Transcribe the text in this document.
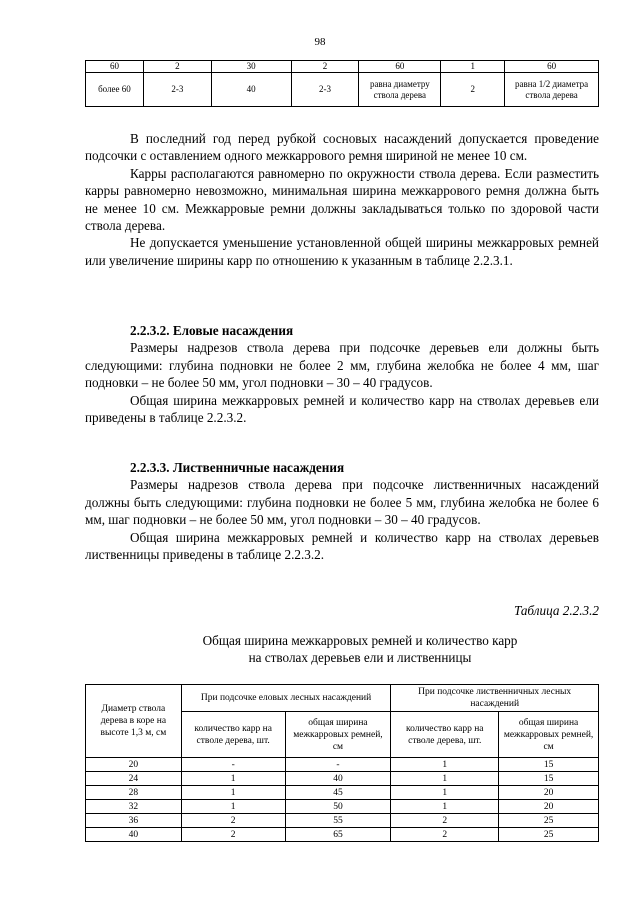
98
60	2	30	2	60	1	60
более 60	2-3	40	2-3	равна диаметру ствола дерева	2	равна 1/2 диаметра ствола дерева

В последний год перед рубкой сосновых насаждений допускается проведение подсочки с оставлением одного межкаррового ремня шириной не менее 10 см.

Карры располагаются равномерно по окружности ствола дерева. Если разместить карры равномерно невозможно, минимальная ширина межкаррового ремня должна быть не менее 10 см. Межкарровые ремни должны закладываться только по здоровой части ствола дерева.

Не допускается уменьшение установленной общей ширины межкарровых ремней или увеличение ширины карр по отношению к указанным в таблице 2.2.3.1.

2.2.3.2. Еловые насаждения

Размеры надрезов ствола дерева при подсочке деревьев ели должны быть следующими: глубина подновки не более 2 мм, глубина желобка не более 4 мм, шаг подновки – не более 50 мм, угол подновки – 30 – 40 градусов.

Общая ширина межкарровых ремней и количество карр на стволах деревьев ели приведены в таблице 2.2.3.2.

2.2.3.3. Лиственничные насаждения

Размеры надрезов ствола дерева при подсочке лиственничных насаждений должны быть следующими: глубина подновки не более 5 мм, глубина желобка не более 6 мм, шаг подновки – не более 50 мм, угол подновки – 30 – 40 градусов.

Общая ширина межкарровых ремней и количество карр на стволах деревьев лиственницы приведены в таблице 2.2.3.2.

Таблица 2.2.3.2
Общая ширина межкарровых ремней и количество карр
на стволах деревьев ели и лиственницы
Диаметр ствола дерева в коре на высоте 1,3 м, см	При подсочке еловых лесных насаждений		При подсочке лиственничных лесных насаждений	
	количество карр на стволе дерева, шт.	общая ширина межкарровых ремней, см	количество карр на стволе дерева, шт.	общая ширина межкарровых ремней, см
20	-	-	1	15
24	1	40	1	15
28	1	45	1	20
32	1	50	1	20
36	2	55	2	25
40	2	65	2	25
